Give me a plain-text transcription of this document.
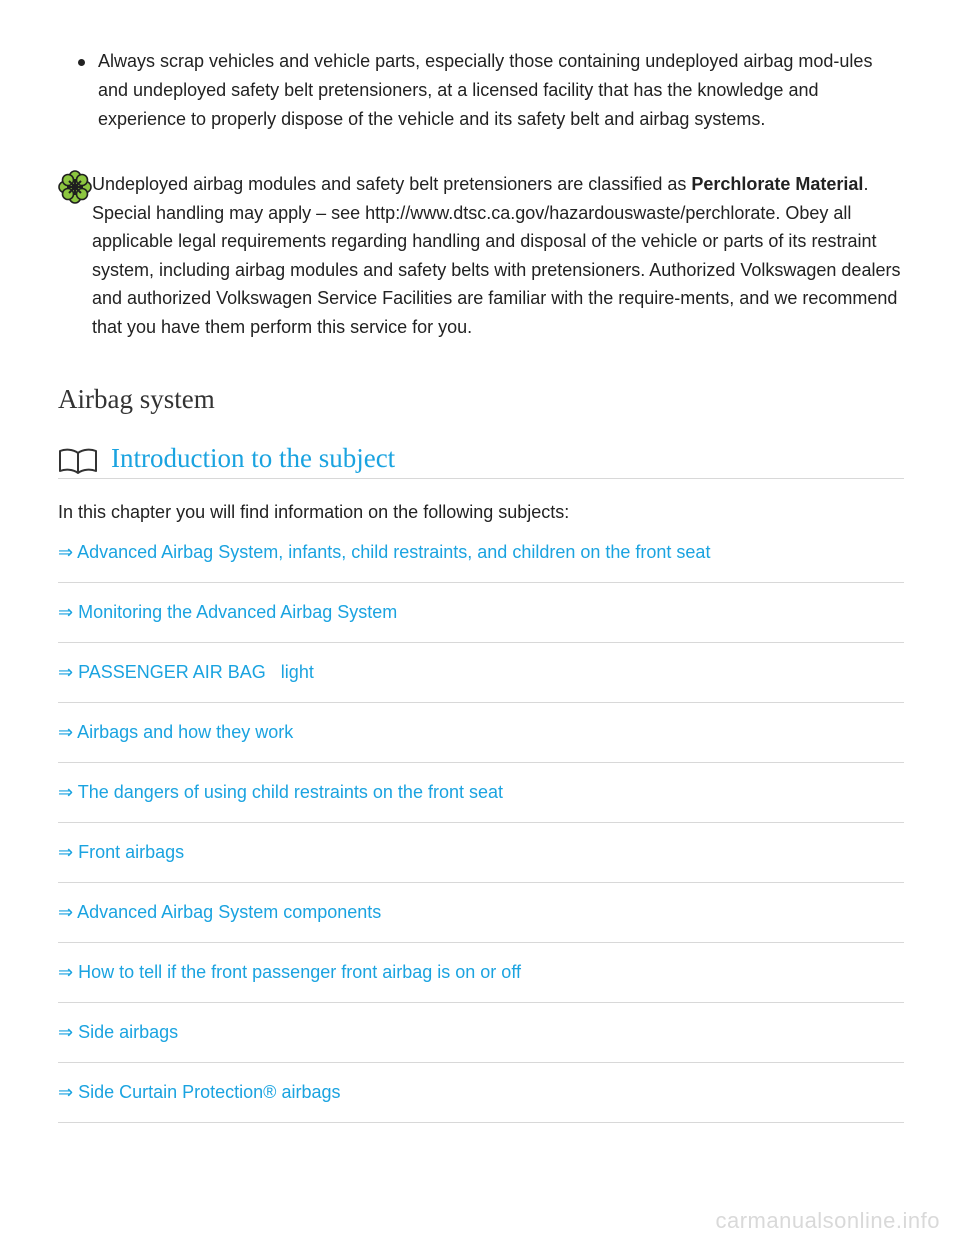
Always scrap vehicles and vehicle parts, especially those containing undeployed airbag mod-ules and undeployed safety belt pretensioners, at a licensed facility that has the knowledge and experience to properly dispose of the vehicle and its safety belt and airbag systems.
Undeployed airbag modules and safety belt pretensioners are classified as Perchlorate Material. Special handling may apply – see http://www.dtsc.ca.gov/hazardouswaste/perchlorate. Obey all applicable legal requirements regarding handling and disposal of the vehicle or parts of its restraint system, including airbag modules and safety belts with pretensioners. Authorized Volkswagen dealers and authorized Volkswagen Service Facilities are familiar with the require-ments, and we recommend that you have them perform this service for you.
Airbag system
Introduction to the subject

In this chapter you will find information on the following subjects:

⇒ Advanced Airbag System, infants, child restraints, and children on the front seat
⇒ Monitoring the Advanced Airbag System
⇒ PASSENGER AIR BAG   light
⇒ Airbags and how they work
⇒ The dangers of using child restraints on the front seat
⇒ Front airbags
⇒ Advanced Airbag System components
⇒ How to tell if the front passenger front airbag is on or off
⇒ Side airbags
⇒ Side Curtain Protection® airbags
carmanualsonline.info
